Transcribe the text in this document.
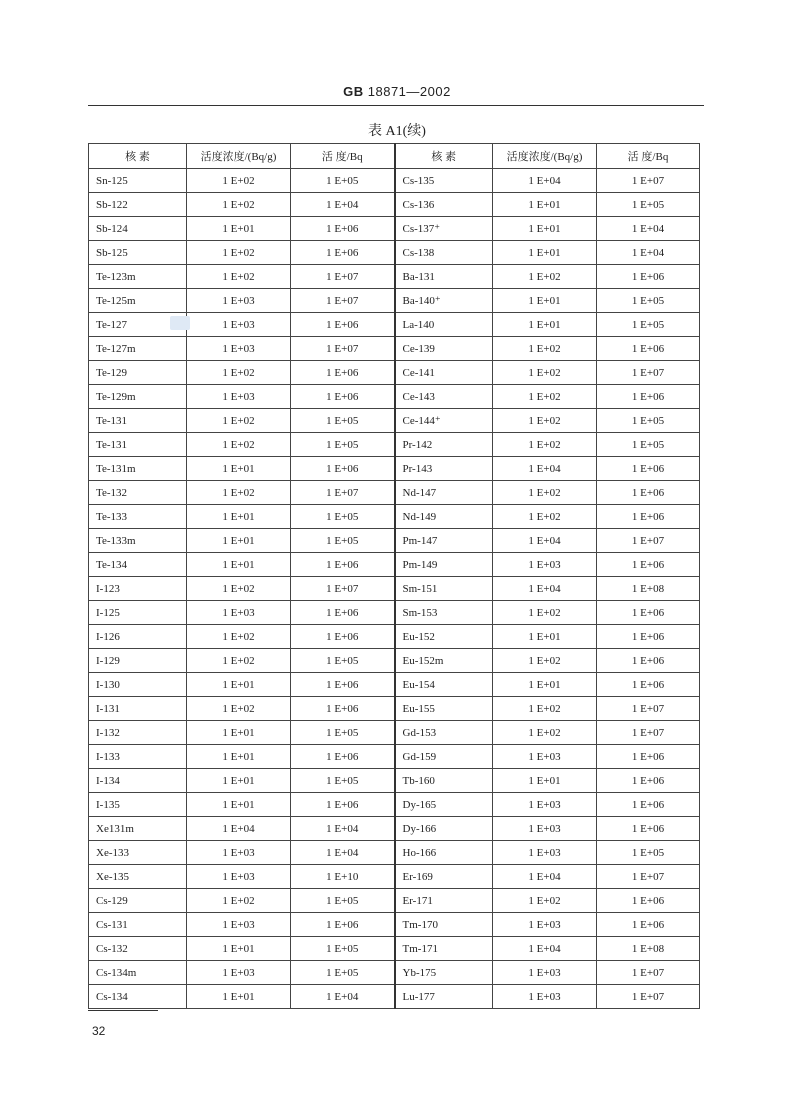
GB 18871—2002
表 A1(续)
核 素	活度浓度/(Bq/g)	活 度/Bq	核 素	活度浓度/(Bq/g)	活 度/Bq
Sn-125	1 E+02	1 E+05	Cs-135	1 E+04	1 E+07
Sb-122	1 E+02	1 E+04	Cs-136	1 E+01	1 E+05
Sb-124	1 E+01	1 E+06	Cs-137⁺	1 E+01	1 E+04
Sb-125	1 E+02	1 E+06	Cs-138	1 E+01	1 E+04
Te-123m	1 E+02	1 E+07	Ba-131	1 E+02	1 E+06
Te-125m	1 E+03	1 E+07	Ba-140⁺	1 E+01	1 E+05
Te-127	1 E+03	1 E+06	La-140	1 E+01	1 E+05
Te-127m	1 E+03	1 E+07	Ce-139	1 E+02	1 E+06
Te-129	1 E+02	1 E+06	Ce-141	1 E+02	1 E+07
Te-129m	1 E+03	1 E+06	Ce-143	1 E+02	1 E+06
Te-131	1 E+02	1 E+05	Ce-144⁺	1 E+02	1 E+05
Te-131	1 E+02	1 E+05	Pr-142	1 E+02	1 E+05
Te-131m	1 E+01	1 E+06	Pr-143	1 E+04	1 E+06
Te-132	1 E+02	1 E+07	Nd-147	1 E+02	1 E+06
Te-133	1 E+01	1 E+05	Nd-149	1 E+02	1 E+06
Te-133m	1 E+01	1 E+05	Pm-147	1 E+04	1 E+07
Te-134	1 E+01	1 E+06	Pm-149	1 E+03	1 E+06
I-123	1 E+02	1 E+07	Sm-151	1 E+04	1 E+08
I-125	1 E+03	1 E+06	Sm-153	1 E+02	1 E+06
I-126	1 E+02	1 E+06	Eu-152	1 E+01	1 E+06
I-129	1 E+02	1 E+05	Eu-152m	1 E+02	1 E+06
I-130	1 E+01	1 E+06	Eu-154	1 E+01	1 E+06
I-131	1 E+02	1 E+06	Eu-155	1 E+02	1 E+07
I-132	1 E+01	1 E+05	Gd-153	1 E+02	1 E+07
I-133	1 E+01	1 E+06	Gd-159	1 E+03	1 E+06
I-134	1 E+01	1 E+05	Tb-160	1 E+01	1 E+06
I-135	1 E+01	1 E+06	Dy-165	1 E+03	1 E+06
Xe131m	1 E+04	1 E+04	Dy-166	1 E+03	1 E+06
Xe-133	1 E+03	1 E+04	Ho-166	1 E+03	1 E+05
Xe-135	1 E+03	1 E+10	Er-169	1 E+04	1 E+07
Cs-129	1 E+02	1 E+05	Er-171	1 E+02	1 E+06
Cs-131	1 E+03	1 E+06	Tm-170	1 E+03	1 E+06
Cs-132	1 E+01	1 E+05	Tm-171	1 E+04	1 E+08
Cs-134m	1 E+03	1 E+05	Yb-175	1 E+03	1 E+07
Cs-134	1 E+01	1 E+04	Lu-177	1 E+03	1 E+07
32
